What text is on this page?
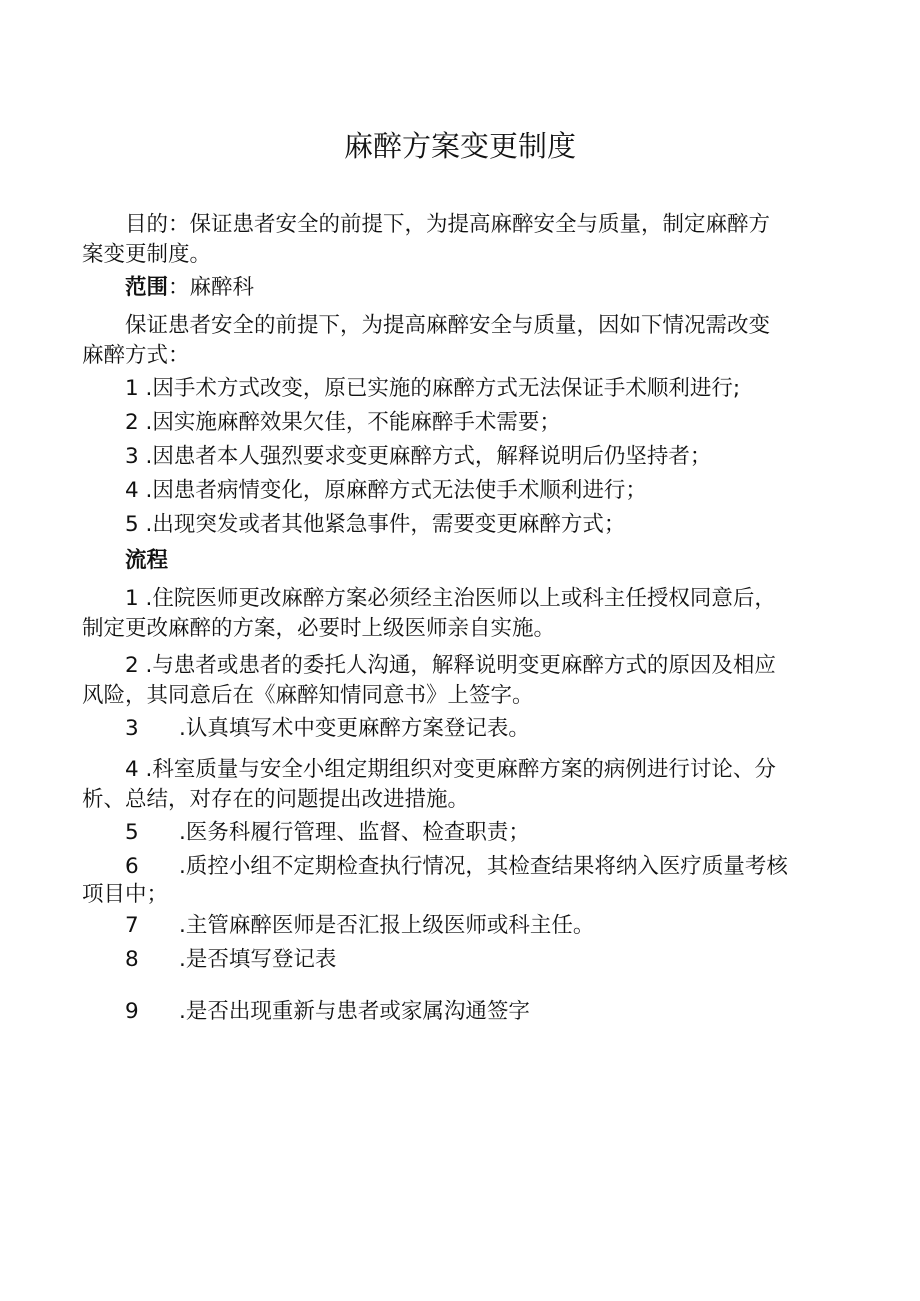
麻醉方案变更制度
目的：保证患者安全的前提下，为提高麻醉安全与质量，制定麻醉方
案变更制度。
范围：麻醉科
保证患者安全的前提下，为提高麻醉安全与质量，因如下情况需改变
麻醉方式：
1 .因手术方式改变，原已实施的麻醉方式无法保证手术顺利进行;
2 .因实施麻醉效果欠佳，不能麻醉手术需要；
3 .因患者本人强烈要求变更麻醉方式，解释说明后仍坚持者；
4 .因患者病情变化，原麻醉方式无法使手术顺利进行；
5 .出现突发或者其他紧急事件，需要变更麻醉方式；
流程
1 .住院医师更改麻醉方案必须经主治医师以上或科主任授权同意后，
制定更改麻醉的方案，必要时上级医师亲自实施。
2 .与患者或患者的委托人沟通，解释说明变更麻醉方式的原因及相应
风险，其同意后在《麻醉知情同意书》上签字。
3 .认真填写术中变更麻醉方案登记表。
4 .科室质量与安全小组定期组织对变更麻醉方案的病例进行讨论、分
析、总结，对存在的问题提出改进措施。
5 .医务科履行管理、监督、检查职责；
6 .质控小组不定期检查执行情况，其检查结果将纳入医疗质量考核
项目中；
7 .主管麻醉医师是否汇报上级医师或科主任。
8 .是否填写登记表
9 .是否出现重新与患者或家属沟通签字
